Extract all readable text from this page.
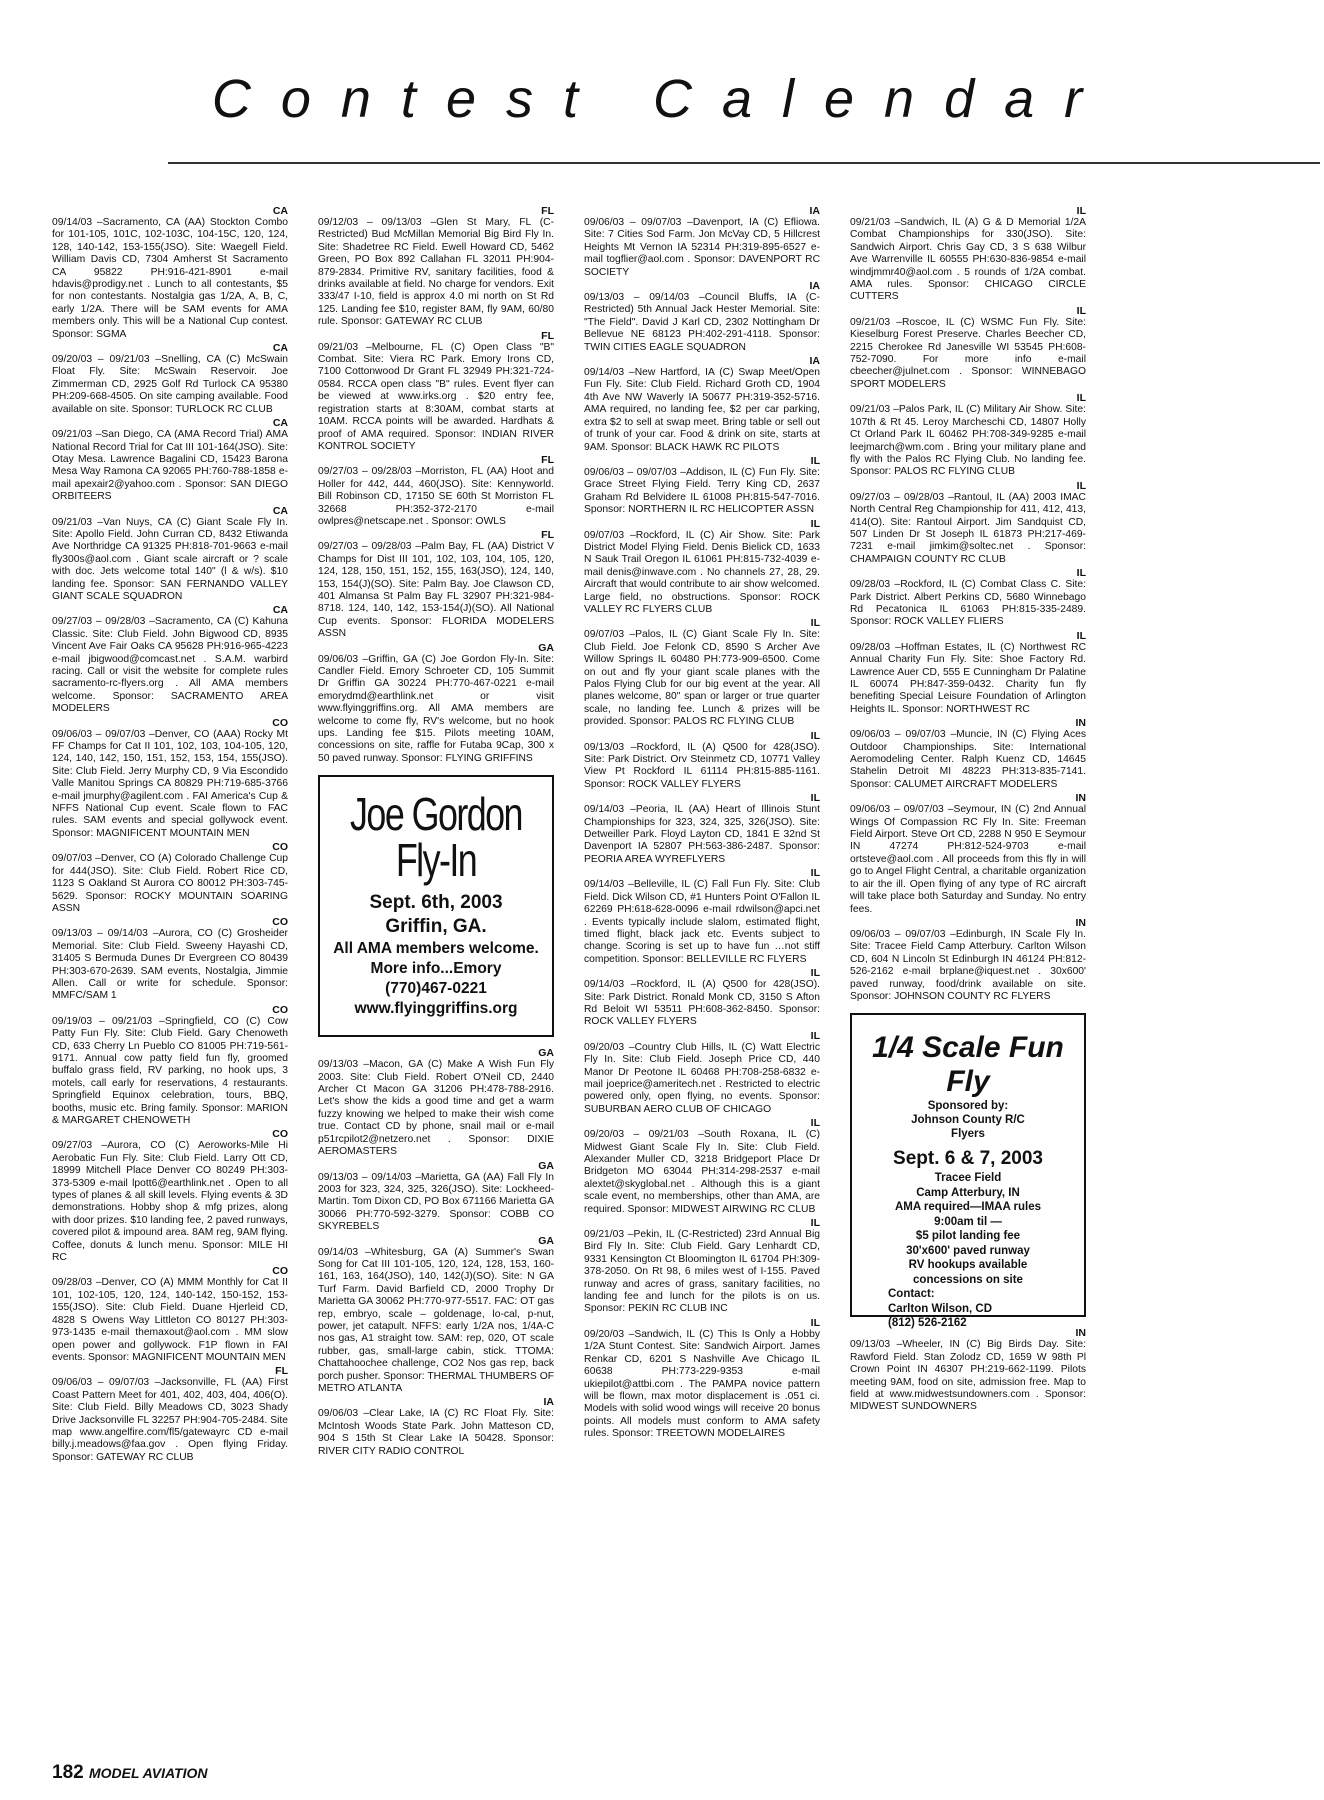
Contest Calendar
CA
09/14/03 –Sacramento, CA (AA) Stockton Combo for 101-105, 101C, 102-103C, 104-15C, 120, 124, 128, 140-142, 153-155(JSO). Site: Waegell Field. William Davis CD, 7304 Amherst St Sacramento CA 95822 PH:916-421-8901 e-mail hdavis@prodigy.net . Lunch to all contestants, $5 for non contestants. Nostalgia gas 1/2A, A, B, C, early 1/2A. There will be SAM events for AMA members only. This will be a National Cup contest. Sponsor: SGMA
CA
09/20/03 – 09/21/03 –Snelling, CA (C) McSwain Float Fly. Site: McSwain Reservoir. Joe Zimmerman CD, 2925 Golf Rd Turlock CA 95380 PH:209-668-4505. On site camping available. Food available on site. Sponsor: TURLOCK RC CLUB
CA
09/21/03 –San Diego, CA (AMA Record Trial) AMA National Record Trial for Cat III 101-164(JSO). Site: Otay Mesa. Lawrence Bagalini CD, 15423 Barona Mesa Way Ramona CA 92065 PH:760-788-1858 e-mail apexair2@yahoo.com . Sponsor: SAN DIEGO ORBITEERS
CA
09/21/03 –Van Nuys, CA (C) Giant Scale Fly In. Site: Apollo Field. John Curran CD, 8432 Etiwanda Ave Northridge CA 91325 PH:818-701-9663 e-mail fly300s@aol.com . Giant scale aircraft or ? scale with doc. Jets welcome total 140" (l & w/s). $10 landing fee. Sponsor: SAN FERNANDO VALLEY GIANT SCALE SQUADRON
CA
09/27/03 – 09/28/03 –Sacramento, CA (C) Kahuna Classic. Site: Club Field. John Bigwood CD, 8935 Vincent Ave Fair Oaks CA 95628 PH:916-965-4223 e-mail jbigwood@comcast.net . S.A.M. warbird racing. Call or visit the website for complete rules sacramento-rc-flyers.org . All AMA members welcome. Sponsor: SACRAMENTO AREA MODELERS
CO
09/06/03 – 09/07/03 –Denver, CO (AAA) Rocky Mt FF Champs for Cat II 101, 102, 103, 104-105, 120, 124, 140, 142, 150, 151, 152, 153, 154, 155(JSO). Site: Club Field. Jerry Murphy CD, 9 Via Escondido Valle Manitou Springs CA 80829 PH:719-685-3766 e-mail jmurphy@agilent.com . FAI America's Cup & NFFS National Cup event. Scale flown to FAC rules. SAM events and special gollywock event. Sponsor: MAGNIFICENT MOUNTAIN MEN
CO
09/07/03 –Denver, CO (A) Colorado Challenge Cup for 444(JSO). Site: Club Field. Robert Rice CD, 1123 S Oakland St Aurora CO 80012 PH:303-745-5629. Sponsor: ROCKY MOUNTAIN SOARING ASSN
CO
09/13/03 – 09/14/03 –Aurora, CO (C) Grosheider Memorial. Site: Club Field. Sweeny Hayashi CD, 31405 S Bermuda Dunes Dr Evergreen CO 80439 PH:303-670-2639. SAM events, Nostalgia, Jimmie Allen. Call or write for schedule. Sponsor: MMFC/SAM 1
CO
09/19/03 – 09/21/03 –Springfield, CO (C) Cow Patty Fun Fly. Site: Club Field. Gary Chenoweth CD, 633 Cherry Ln Pueblo CO 81005 PH:719-561-9171. Annual cow patty field fun fly, groomed buffalo grass field, RV parking, no hook ups, 3 motels, call early for reservations, 4 restaurants. Springfield Equinox celebration, tours, BBQ, booths, music etc. Bring family. Sponsor: MARION & MARGARET CHENOWETH
CO
09/27/03 –Aurora, CO (C) Aeroworks-Mile Hi Aerobatic Fun Fly. Site: Club Field. Larry Ott CD, 18999 Mitchell Place Denver CO 80249 PH:303-373-5309 e-mail lpott6@earthlink.net . Open to all types of planes & all skill levels. Flying events & 3D demonstrations. Hobby shop & mfg prizes, along with door prizes. $10 landing fee, 2 paved runways, covered pilot & impound area. 8AM reg, 9AM flying. Coffee, donuts & lunch menu. Sponsor: MILE HI RC
CO
09/28/03 –Denver, CO (A) MMM Monthly for Cat II 101, 102-105, 120, 124, 140-142, 150-152, 153-155(JSO). Site: Club Field. Duane Hjerleid CD, 4828 S Owens Way Littleton CO 80127 PH:303-973-1435 e-mail themaxout@aol.com . MM slow open power and gollywock. F1P flown in FAI events. Sponsor: MAGNIFICENT MOUNTAIN MEN
FL
09/06/03 – 09/07/03 –Jacksonville, FL (AA) First Coast Pattern Meet for 401, 402, 403, 404, 406(O). Site: Club Field. Billy Meadows CD, 3023 Shady Drive Jacksonville FL 32257 PH:904-705-2484. Site map www.angelfire.com/fl5/gatewayrc CD e-mail billy.j.meadows@faa.gov . Open flying Friday. Sponsor: GATEWAY RC CLUB
FL
09/12/03 – 09/13/03 –Glen St Mary, FL (C-Restricted) Bud McMillan Memorial Big Bird Fly In. Site: Shadetree RC Field. Ewell Howard CD, 5462 Green, PO Box 892 Callahan FL 32011 PH:904-879-2834. Primitive RV, sanitary facilities, food & drinks available at field. No charge for vendors. Exit 333/47 I-10, field is approx 4.0 mi north on St Rd 125. Landing fee $10, register 8AM, fly 9AM, 60/80 rule. Sponsor: GATEWAY RC CLUB
FL
09/21/03 –Melbourne, FL (C) Open Class "B" Combat. Site: Viera RC Park. Emory Irons CD, 7100 Cottonwood Dr Grant FL 32949 PH:321-724-0584. RCCA open class "B" rules. Event flyer can be viewed at www.irks.org . $20 entry fee, registration starts at 8:30AM, combat starts at 10AM. RCCA points will be awarded. Hardhats & proof of AMA required. Sponsor: INDIAN RIVER KONTROL SOCIETY
FL
09/27/03 – 09/28/03 –Morriston, FL (AA) Hoot and Holler for 442, 444, 460(JSO). Site: Kennyworld. Bill Robinson CD, 17150 SE 60th St Morriston FL 32668 PH:352-372-2170 e-mail owlpres@netscape.net . Sponsor: OWLS
FL
09/27/03 – 09/28/03 –Palm Bay, FL (AA) District V Champs for Dist III 101, 102, 103, 104, 105, 120, 124, 128, 150, 151, 152, 155, 163(JSO), 124, 140, 153, 154(J)(SO). Site: Palm Bay. Joe Clawson CD, 401 Almansa St Palm Bay FL 32907 PH:321-984-8718. 124, 140, 142, 153-154(J)(SO). All National Cup events. Sponsor: FLORIDA MODELERS ASSN
GA
09/06/03 –Griffin, GA (C) Joe Gordon Fly-In. Site: Candler Field. Emory Schroeter CD, 105 Summit Dr Griffin GA 30224 PH:770-467-0221 e-mail emorydmd@earthlink.net or visit www.flyinggriffins.org. All AMA members are welcome to come fly, RV's welcome, but no hook ups. Landing fee $15. Pilots meeting 10AM, concessions on site, raffle for Futaba 9Cap, 300 x 50 paved runway. Sponsor: FLYING GRIFFINS
Joe Gordon
Fly-In
Sept. 6th, 2003
Griffin, GA.
All AMA members welcome.
More info...Emory
(770)467-0221
www.flyinggriffins.org
GA
09/13/03 –Macon, GA (C) Make A Wish Fun Fly 2003. Site: Club Field. Robert O'Neil CD, 2440 Archer Ct Macon GA 31206 PH:478-788-2916. Let's show the kids a good time and get a warm fuzzy knowing we helped to make their wish come true. Contact CD by phone, snail mail or e-mail p51rcpilot2@netzero.net . Sponsor: DIXIE AEROMASTERS
GA
09/13/03 – 09/14/03 –Marietta, GA (AA) Fall Fly In 2003 for 323, 324, 325, 326(JSO). Site: Lockheed-Martin. Tom Dixon CD, PO Box 671166 Marietta GA 30066 PH:770-592-3279. Sponsor: COBB CO SKYREBELS
GA
09/14/03 –Whitesburg, GA (A) Summer's Swan Song for Cat III 101-105, 120, 124, 128, 153, 160-161, 163, 164(JSO), 140, 142(J)(SO). Site: N GA Turf Farm. David Barfield CD, 2000 Trophy Dr Marietta GA 30062 PH:770-977-5517. FAC: OT gas rep, embryo, scale – goldenage, lo-cal, p-nut, power, jet catapult. NFFS: early 1/2A nos, 1/4A-C nos gas, A1 straight tow. SAM: rep, 020, OT scale rubber, gas, small-large cabin, stick. TTOMA: Chattahoochee challenge, CO2 Nos gas rep, back porch pusher. Sponsor: THERMAL THUMBERS OF METRO ATLANTA
IA
09/06/03 –Clear Lake, IA (C) RC Float Fly. Site: McIntosh Woods State Park. John Matteson CD, 904 S 15th St Clear Lake IA 50428. Sponsor: RIVER CITY RADIO CONTROL
IA
09/06/03 – 09/07/03 –Davenport, IA (C) Efliowa. Site: 7 Cities Sod Farm. Jon McVay CD, 5 Hillcrest Heights Mt Vernon IA 52314 PH:319-895-6527 e-mail togflier@aol.com . Sponsor: DAVENPORT RC SOCIETY
IA
09/13/03 – 09/14/03 –Council Bluffs, IA (C-Restricted) 5th Annual Jack Hester Memorial. Site: "The Field". David J Karl CD, 2302 Nottingham Dr Bellevue NE 68123 PH:402-291-4118. Sponsor: TWIN CITIES EAGLE SQUADRON
IA
09/14/03 –New Hartford, IA (C) Swap Meet/Open Fun Fly. Site: Club Field. Richard Groth CD, 1904 4th Ave NW Waverly IA 50677 PH:319-352-5716. AMA required, no landing fee, $2 per car parking, extra $2 to sell at swap meet. Bring table or sell out of trunk of your car. Food & drink on site, starts at 9AM. Sponsor: BLACK HAWK RC PILOTS
IL
09/06/03 – 09/07/03 –Addison, IL (C) Fun Fly. Site: Grace Street Flying Field. Terry King CD, 2637 Graham Rd Belvidere IL 61008 PH:815-547-7016. Sponsor: NORTHERN IL RC HELICOPTER ASSN
IL
09/07/03 –Rockford, IL (C) Air Show. Site: Park District Model Flying Field. Denis Bielick CD, 1633 N Sauk Trail Oregon IL 61061 PH:815-732-4039 e-mail denis@inwave.com . No channels 27, 28, 29. Aircraft that would contribute to air show welcomed. Large field, no obstructions. Sponsor: ROCK VALLEY RC FLYERS CLUB
IL
09/07/03 –Palos, IL (C) Giant Scale Fly In. Site: Club Field. Joe Felonk CD, 8590 S Archer Ave Willow Springs IL 60480 PH:773-909-6500. Come on out and fly your giant scale planes with the Palos Flying Club for our big event at the year. All planes welcome, 80" span or larger or true quarter scale, no landing fee. Lunch & prizes will be provided. Sponsor: PALOS RC FLYING CLUB
IL
09/13/03 –Rockford, IL (A) Q500 for 428(JSO). Site: Park District. Orv Steinmetz CD, 10771 Valley View Pt Rockford IL 61114 PH:815-885-1161. Sponsor: ROCK VALLEY FLYERS
IL
09/14/03 –Peoria, IL (AA) Heart of Illinois Stunt Championships for 323, 324, 325, 326(JSO). Site: Detweiller Park. Floyd Layton CD, 1841 E 32nd St Davenport IA 52807 PH:563-386-2487. Sponsor: PEORIA AREA WYREFLYERS
IL
09/14/03 –Belleville, IL (C) Fall Fun Fly. Site: Club Field. Dick Wilson CD, #1 Hunters Point O'Fallon IL 62269 PH:618-628-0096 e-mail rdwilson@apci.net . Events typically include slalom, estimated flight, timed flight, black jack etc. Events subject to change. Scoring is set up to have fun …not stiff competition. Sponsor: BELLEVILLE RC FLYERS
IL
09/14/03 –Rockford, IL (A) Q500 for 428(JSO). Site: Park District. Ronald Monk CD, 3150 S Afton Rd Beloit WI 53511 PH:608-362-8450. Sponsor: ROCK VALLEY FLYERS
IL
09/20/03 –Country Club Hills, IL (C) Watt Electric Fly In. Site: Club Field. Joseph Price CD, 440 Manor Dr Peotone IL 60468 PH:708-258-6832 e-mail joeprice@ameritech.net . Restricted to electric powered only, open flying, no events. Sponsor: SUBURBAN AERO CLUB OF CHICAGO
IL
09/20/03 – 09/21/03 –South Roxana, IL (C) Midwest Giant Scale Fly In. Site: Club Field. Alexander Muller CD, 3218 Bridgeport Place Dr Bridgeton MO 63044 PH:314-298-2537 e-mail alextet@skyglobal.net . Although this is a giant scale event, no memberships, other than AMA, are required. Sponsor: MIDWEST AIRWING RC CLUB
IL
09/21/03 –Pekin, IL (C-Restricted) 23rd Annual Big Bird Fly In. Site: Club Field. Gary Lenhardt CD, 9331 Kensington Ct Bloomington IL 61704 PH:309-378-2050. On Rt 98, 6 miles west of I-155. Paved runway and acres of grass, sanitary facilities, no landing fee and lunch for the pilots is on us. Sponsor: PEKIN RC CLUB INC
IL
09/20/03 –Sandwich, IL (C) This Is Only a Hobby 1/2A Stunt Contest. Site: Sandwich Airport. James Renkar CD, 6201 S Nashville Ave Chicago IL 60638 PH:773-229-9353 e-mail ukiepilot@attbi.com . The PAMPA novice pattern will be flown, max motor displacement is .051 ci. Models with solid wood wings will receive 20 bonus points. All models must conform to AMA safety rules. Sponsor: TREETOWN MODELAIRES
IL
09/21/03 –Sandwich, IL (A) G & D Memorial 1/2A Combat Championships for 330(JSO). Site: Sandwich Airport. Chris Gay CD, 3 S 638 Wilbur Ave Warrenville IL 60555 PH:630-836-9854 e-mail windjmmr40@aol.com . 5 rounds of 1/2A combat. AMA rules. Sponsor: CHICAGO CIRCLE CUTTERS
IL
09/21/03 –Roscoe, IL (C) WSMC Fun Fly. Site: Kieselburg Forest Preserve. Charles Beecher CD, 2215 Cherokee Rd Janesville WI 53545 PH:608-752-7090. For more info e-mail cbeecher@julnet.com . Sponsor: WINNEBAGO SPORT MODELERS
IL
09/21/03 –Palos Park, IL (C) Military Air Show. Site: 107th & Rt 45. Leroy Marcheschi CD, 14807 Holly Ct Orland Park IL 60462 PH:708-349-9285 e-mail leejmarch@wm.com . Bring your military plane and fly with the Palos RC Flying Club. No landing fee. Sponsor: PALOS RC FLYING CLUB
IL
09/27/03 – 09/28/03 –Rantoul, IL (AA) 2003 IMAC North Central Reg Championship for 411, 412, 413, 414(O). Site: Rantoul Airport. Jim Sandquist CD, 507 Linden Dr St Joseph IL 61873 PH:217-469-7231 e-mail jimkim@soltec.net . Sponsor: CHAMPAIGN COUNTY RC CLUB
IL
09/28/03 –Rockford, IL (C) Combat Class C. Site: Park District. Albert Perkins CD, 5680 Winnebago Rd Pecatonica IL 61063 PH:815-335-2489. Sponsor: ROCK VALLEY FLIERS
IL
09/28/03 –Hoffman Estates, IL (C) Northwest RC Annual Charity Fun Fly. Site: Shoe Factory Rd. Lawrence Auer CD, 555 E Cunningham Dr Palatine IL 60074 PH:847-359-0432. Charity fun fly benefiting Special Leisure Foundation of Arlington Heights IL. Sponsor: NORTHWEST RC
IN
09/06/03 – 09/07/03 –Muncie, IN (C) Flying Aces Outdoor Championships. Site: International Aeromodeling Center. Ralph Kuenz CD, 14645 Stahelin Detroit MI 48223 PH:313-835-7141. Sponsor: CALUMET AIRCRAFT MODELERS
IN
09/06/03 – 09/07/03 –Seymour, IN (C) 2nd Annual Wings Of Compassion RC Fly In. Site: Freeman Field Airport. Steve Ort CD, 2288 N 950 E Seymour IN 47274 PH:812-524-9703 e-mail ortsteve@aol.com . All proceeds from this fly in will go to Angel Flight Central, a charitable organization to air the ill. Open flying of any type of RC aircraft will take place both Saturday and Sunday. No entry fees.
IN
09/06/03 – 09/07/03 –Edinburgh, IN Scale Fly In. Site: Tracee Field Camp Atterbury. Carlton Wilson CD, 604 N Lincoln St Edinburgh IN 46124 PH:812-526-2162 e-mail brplane@iquest.net . 30x600' paved runway, food/drink available on site. Sponsor: JOHNSON COUNTY RC FLYERS
1/4 Scale Fun Fly
Sponsored by:
Johnson County R/C
Flyers
Sept. 6 & 7, 2003
Tracee Field
Camp Atterbury, IN
AMA required—IMAA rules
9:00am til —
$5 pilot landing fee
30'x600' paved runway
RV hookups available
concessions on site
Contact:
Carlton Wilson, CD
(812) 526-2162
IN
09/13/03 –Wheeler, IN (C) Big Birds Day. Site: Rawford Field. Stan Zolodz CD, 1659 W 98th Pl Crown Point IN 46307 PH:219-662-1199. Pilots meeting 9AM, food on site, admission free. Map to field at www.midwestsundowners.com . Sponsor: MIDWEST SUNDOWNERS
182 MODEL AVIATION
